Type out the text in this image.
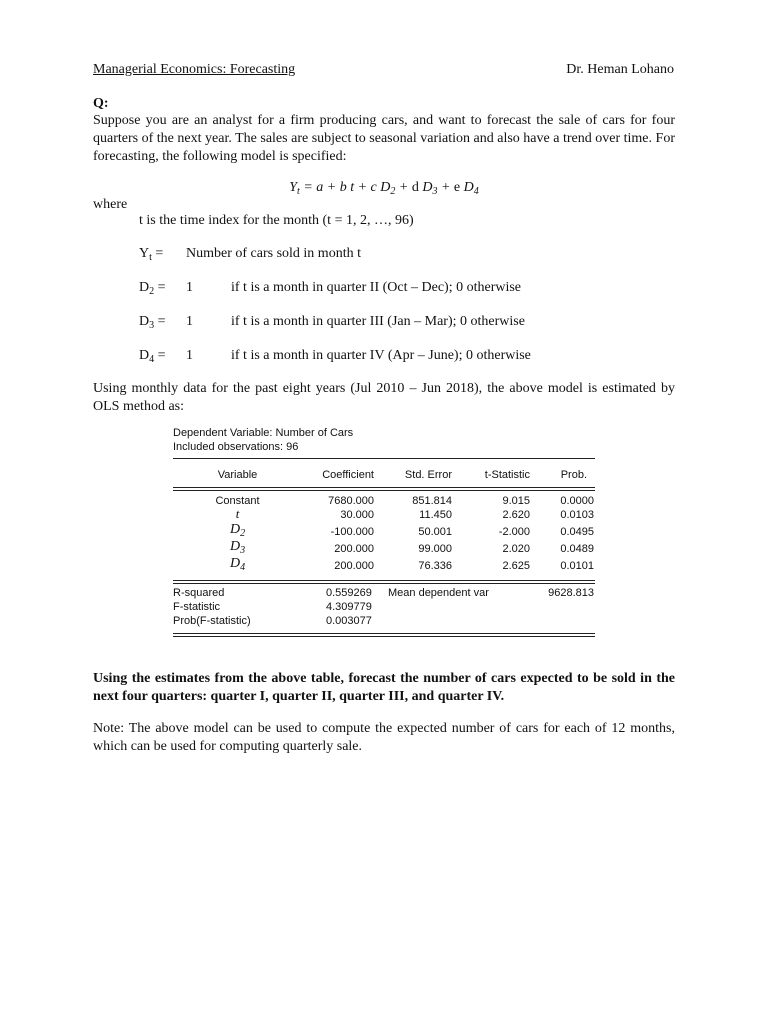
Managerial Economics: Forecasting	Dr. Heman Lohano
Q:
Suppose you are an analyst for a firm producing cars, and want to forecast the sale of cars for four quarters of the next year. The sales are subject to seasonal variation and also have a trend over time. For forecasting, the following model is specified:
$Y_t = a + b$ t + c $D_2 + d$ $D_3 + e$ $D_4$
where
t is the time index for the month (t = 1, 2, …, 96)
$Y_t$ =	Number of cars sold in month t
$D_2$ =	1	if t is a month in quarter II (Oct – Dec); 0 otherwise
$D_3$ =	1	if t is a month in quarter III (Jan – Mar); 0 otherwise
$D_4$ =	1	if t is a month in quarter IV (Apr – June); 0 otherwise
Using monthly data for the past eight years (Jul 2010 – Jun 2018), the above model is estimated by OLS method as:
Dependent Variable: Number of Cars
Included observations: 96
Variable	Coefficient	Std. Error	t-Statistic	Prob.
Constant	7680.000	851.814	9.015	0.0000
t	30.000	11.450	2.620	0.0103
$D_2$	-100.000	50.001	-2.000	0.0495
$D_3$	200.000	99.000	2.020	0.0489
$D_4$	200.000	76.336	2.625	0.0101
R-squared	0.559269 Mean dependent var	9628.813
F-statistic	4.309779
Prob(F-statistic)	0.003077
Using the estimates from the above table, forecast the number of cars expected to be sold in the next four quarters: quarter I, quarter II, quarter III, and quarter IV.
Note: The above model can be used to compute the expected number of cars for each of 12 months, which can be used for computing quarterly sale.
